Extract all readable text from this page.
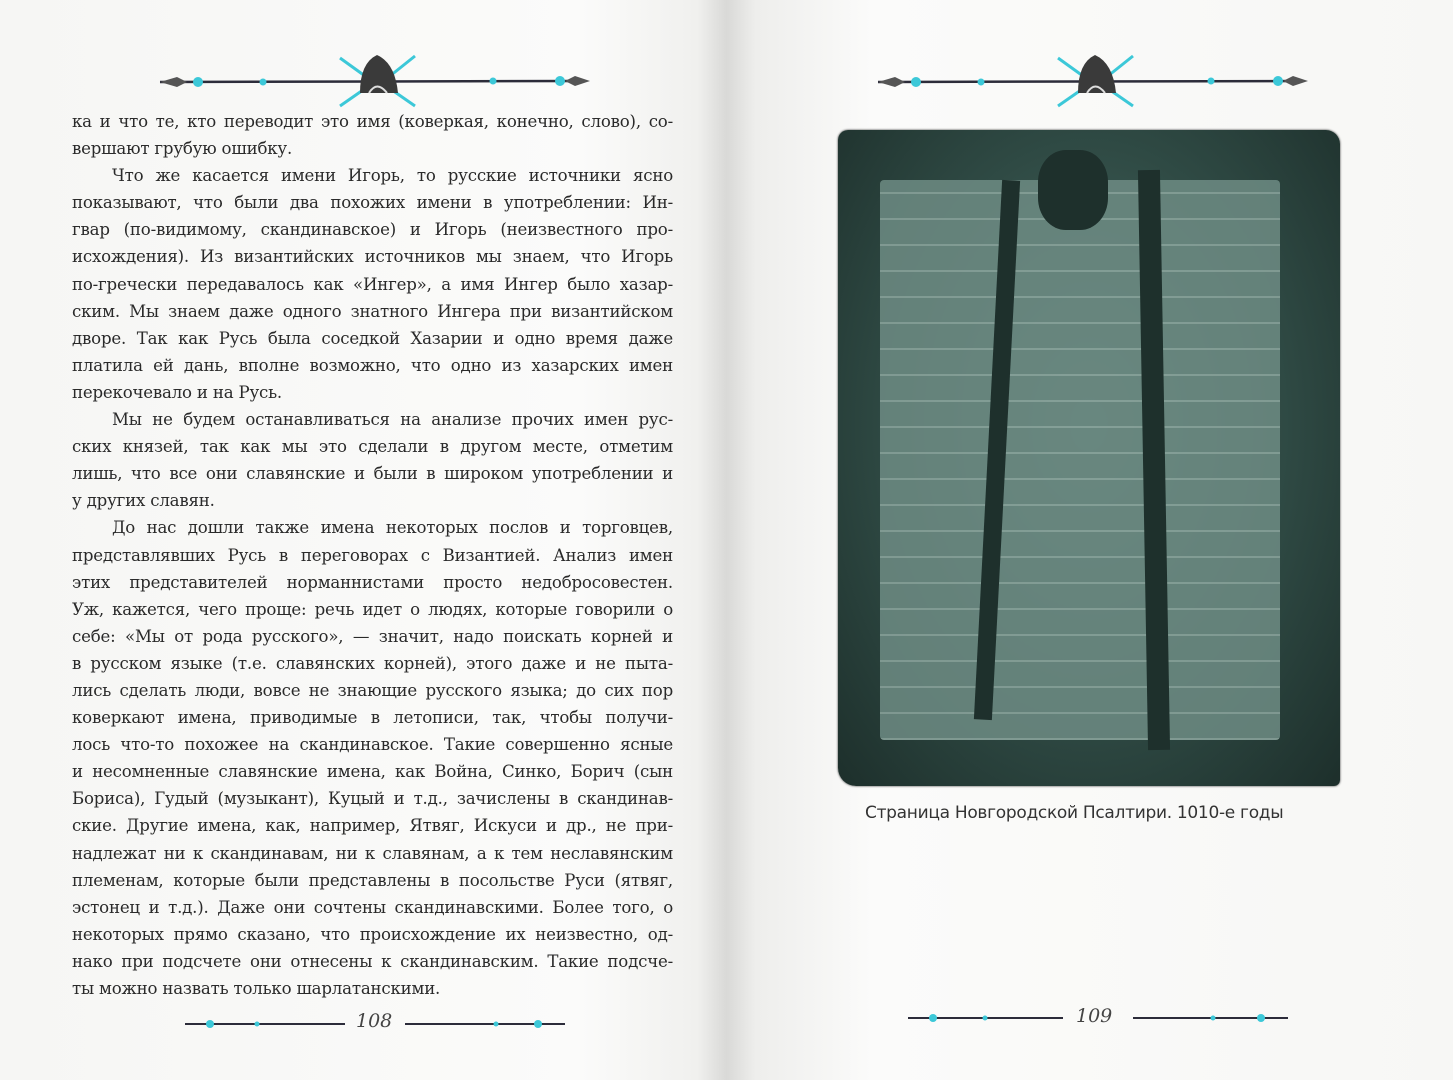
ка и что те, кто переводит это имя (коверкая, конечно, слово), со-
вершают грубую ошибку.
Что же касается имени Игорь, то русские источники ясно
показывают, что были два похожих имени в употреблении: Ин-
гвар (по-видимому, скандинавское) и Игорь (неизвестного про-
исхождения). Из византийских источников мы знаем, что Игорь
по-гречески передавалось как «Ингер», а имя Ингер было хазар-
ским. Мы знаем даже одного знатного Ингера при византийском
дворе. Так как Русь была соседкой Хазарии и одно время даже
платила ей дань, вполне возможно, что одно из хазарских имен
перекочевало и на Русь.
Мы не будем останавливаться на анализе прочих имен рус-
ских князей, так как мы это сделали в другом месте, отметим
лишь, что все они славянские и были в широком употреблении и
у других славян.
До нас дошли также имена некоторых послов и торговцев,
представлявших Русь в переговорах с Византией. Анализ имен
этих представителей норманнистами просто недобросовестен.
Уж, кажется, чего проще: речь идет о людях, которые говорили о
себе: «Мы от рода русского», — значит, надо поискать корней и
в русском языке (т.е. славянских корней), этого даже и не пыта-
лись сделать люди, вовсе не знающие русского языка; до сих пор
коверкают имена, приводимые в летописи, так, чтобы получи-
лось что-то похожее на скандинавское. Такие совершенно ясные
и несомненные славянские имена, как Война, Синко, Борич (сын
Бориса), Гудый (музыкант), Куцый и т.д., зачислены в скандинав-
ские. Другие имена, как, например, Ятвяг, Искуси и др., не при-
надлежат ни к скандинавам, ни к славянам, а к тем неславянским
племенам, которые были представлены в посольстве Руси (ятвяг,
эстонец и т.д.). Даже они сочтены скандинавскими. Более того, о
некоторых прямо сказано, что происхождение их неизвестно, од-
нако при подсчете они отнесены к скандинавским. Такие подсче-
ты можно назвать только шарлатанскими.
108
Страница Новгородской Псалтири. 1010-е годы
109
